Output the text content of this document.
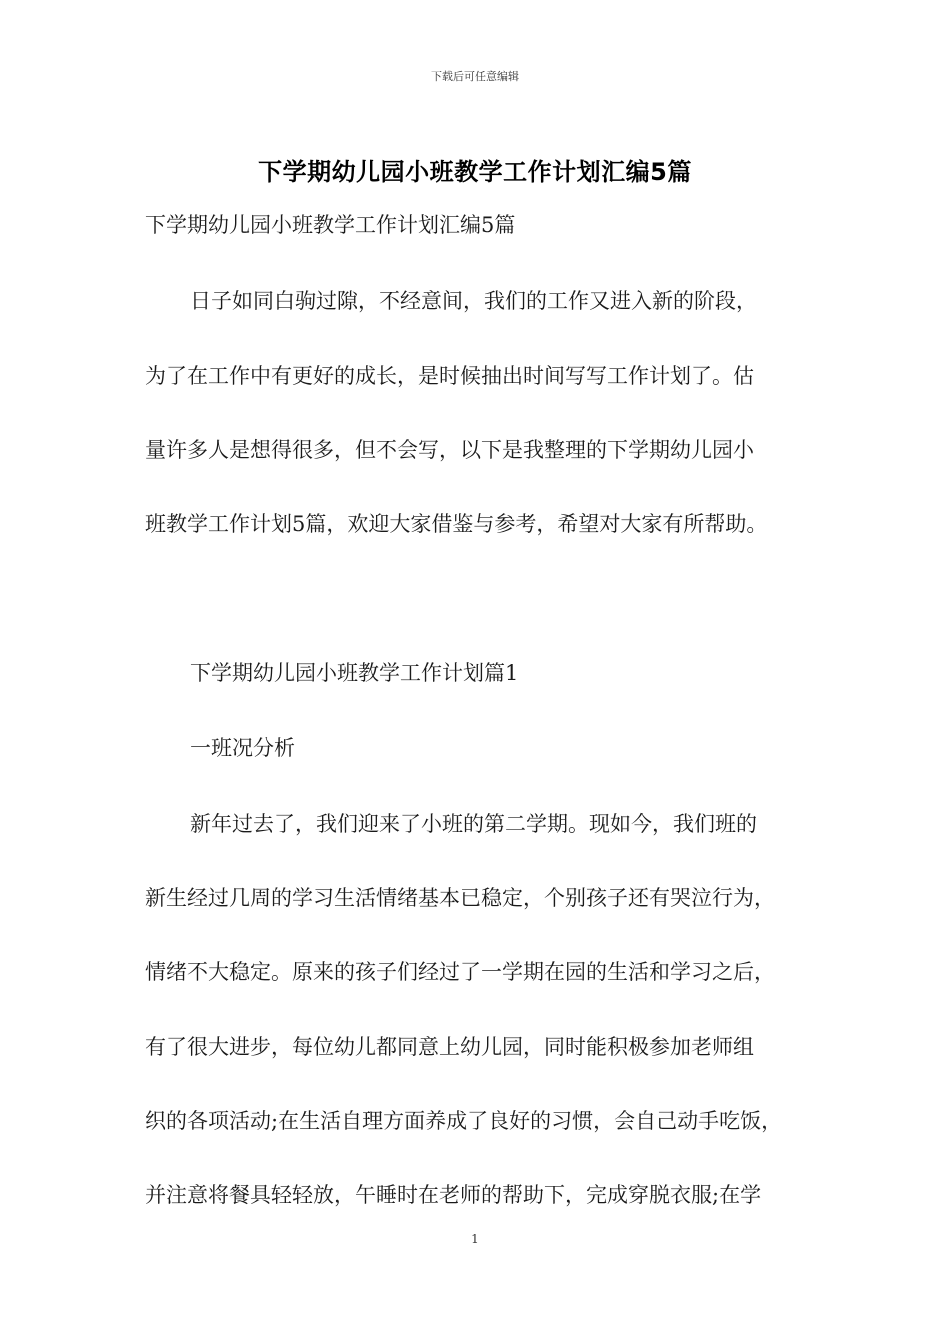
下载后可任意编辑
下学期幼儿园小班教学工作计划汇编5篇
下学期幼儿园小班教学工作计划汇编5篇
日子如同白驹过隙，不经意间，我们的工作又进入新的阶段，
为了在工作中有更好的成长，是时候抽出时间写写工作计划了。估
量许多人是想得很多，但不会写，以下是我整理的下学期幼儿园小
班教学工作计划5篇，欢迎大家借鉴与参考，希望对大家有所帮助。
下学期幼儿园小班教学工作计划篇1
一班况分析
新年过去了，我们迎来了小班的第二学期。现如今，我们班的
新生经过几周的学习生活情绪基本已稳定，个别孩子还有哭泣行为，
情绪不大稳定。原来的孩子们经过了一学期在园的生活和学习之后，
有了很大进步，每位幼儿都同意上幼儿园，同时能积极参加老师组
织的各项活动;在生活自理方面养成了良好的习惯，会自己动手吃饭，
并注意将餐具轻轻放，午睡时在老师的帮助下，完成穿脱衣服;在学
1
